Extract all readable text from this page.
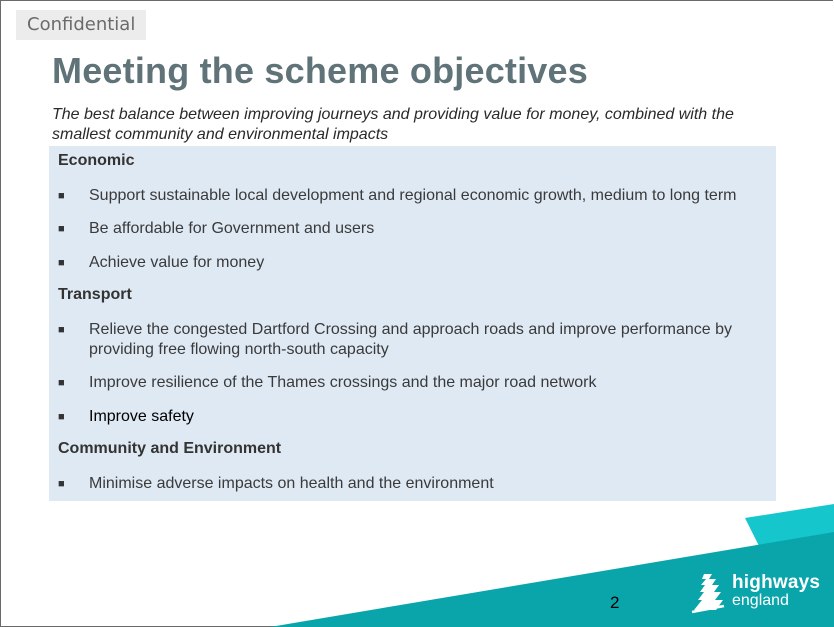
Confidential
Meeting the scheme objectives
The best balance between improving journeys and providing value for money, combined with the smallest community and environmental impacts
Economic
■	Support sustainable local development and regional economic growth, medium to long term
■	Be affordable for Government and users
■	Achieve value for money
Transport
■	Relieve the congested Dartford Crossing and approach roads and improve performance by providing free flowing north-south capacity
■	Improve resilience of the Thames crossings and the major road network
■	Improve safety
Community and Environment
■	Minimise adverse impacts on health and the environment
2
highways
england
